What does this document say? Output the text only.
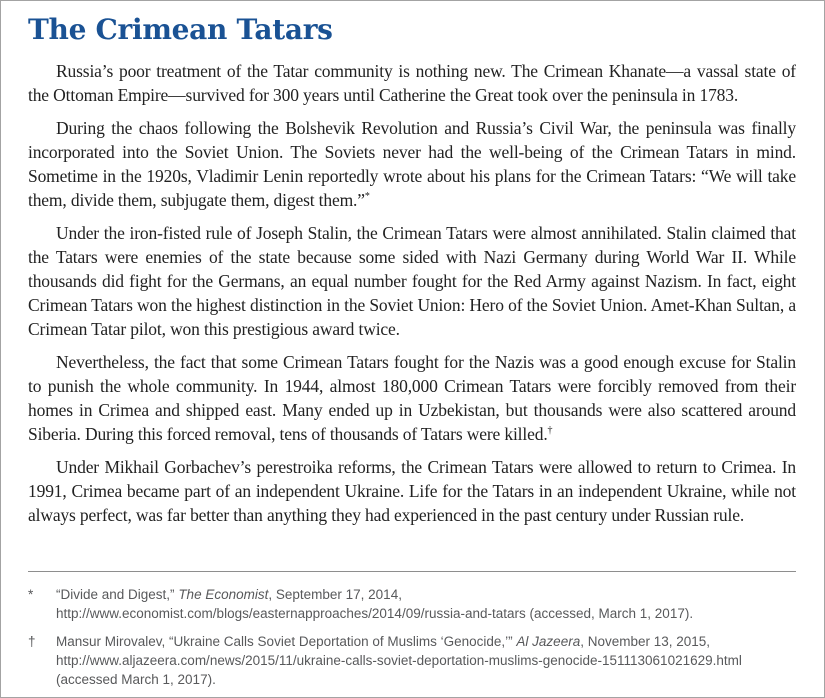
The Crimean Tatars

Russia’s poor treatment of the Tatar community is nothing new. The Crimean Khanate—a vassal state of the Ottoman Empire—survived for 300 years until Catherine the Great took over the peninsula in 1783.

During the chaos following the Bolshevik Revolution and Russia’s Civil War, the peninsula was finally incorporated into the Soviet Union. The Soviets never had the well-being of the Crimean Tatars in mind. Sometime in the 1920s, Vladimir Lenin reportedly wrote about his plans for the Crimean Tatars: “We will take them, divide them, subjugate them, digest them.”*

Under the iron-fisted rule of Joseph Stalin, the Crimean Tatars were almost annihilated. Stalin claimed that the Tatars were enemies of the state because some sided with Nazi Germany during World War II. While thousands did fight for the Germans, an equal number fought for the Red Army against Nazism. In fact, eight Crimean Tatars won the highest distinction in the Soviet Union: Hero of the Soviet Union. Amet-Khan Sultan, a Crimean Tatar pilot, won this prestigious award twice.

Nevertheless, the fact that some Crimean Tatars fought for the Nazis was a good enough excuse for Stalin to punish the whole community. In 1944, almost 180,000 Crimean Tatars were forcibly removed from their homes in Crimea and shipped east. Many ended up in Uzbekistan, but thousands were also scattered around Siberia. During this forced removal, tens of thousands of Tatars were killed.†

Under Mikhail Gorbachev’s perestroika reforms, the Crimean Tatars were allowed to return to Crimea. In 1991, Crimea became part of an independent Ukraine. Life for the Tatars in an independent Ukraine, while not always perfect, was far better than anything they had experienced in the past century under Russian rule.

*	“Divide and Digest,” The Economist, September 17, 2014, http://www.economist.com/blogs/easternapproaches/2014/09/russia-and-tatars (accessed, March 1, 2017).
†	Mansur Mirovalev, “Ukraine Calls Soviet Deportation of Muslims ‘Genocide,’” Al Jazeera, November 13, 2015, http://www.aljazeera.com/news/2015/11/ukraine-calls-soviet-deportation-muslims-genocide-151113061021629.html (accessed March 1, 2017).
